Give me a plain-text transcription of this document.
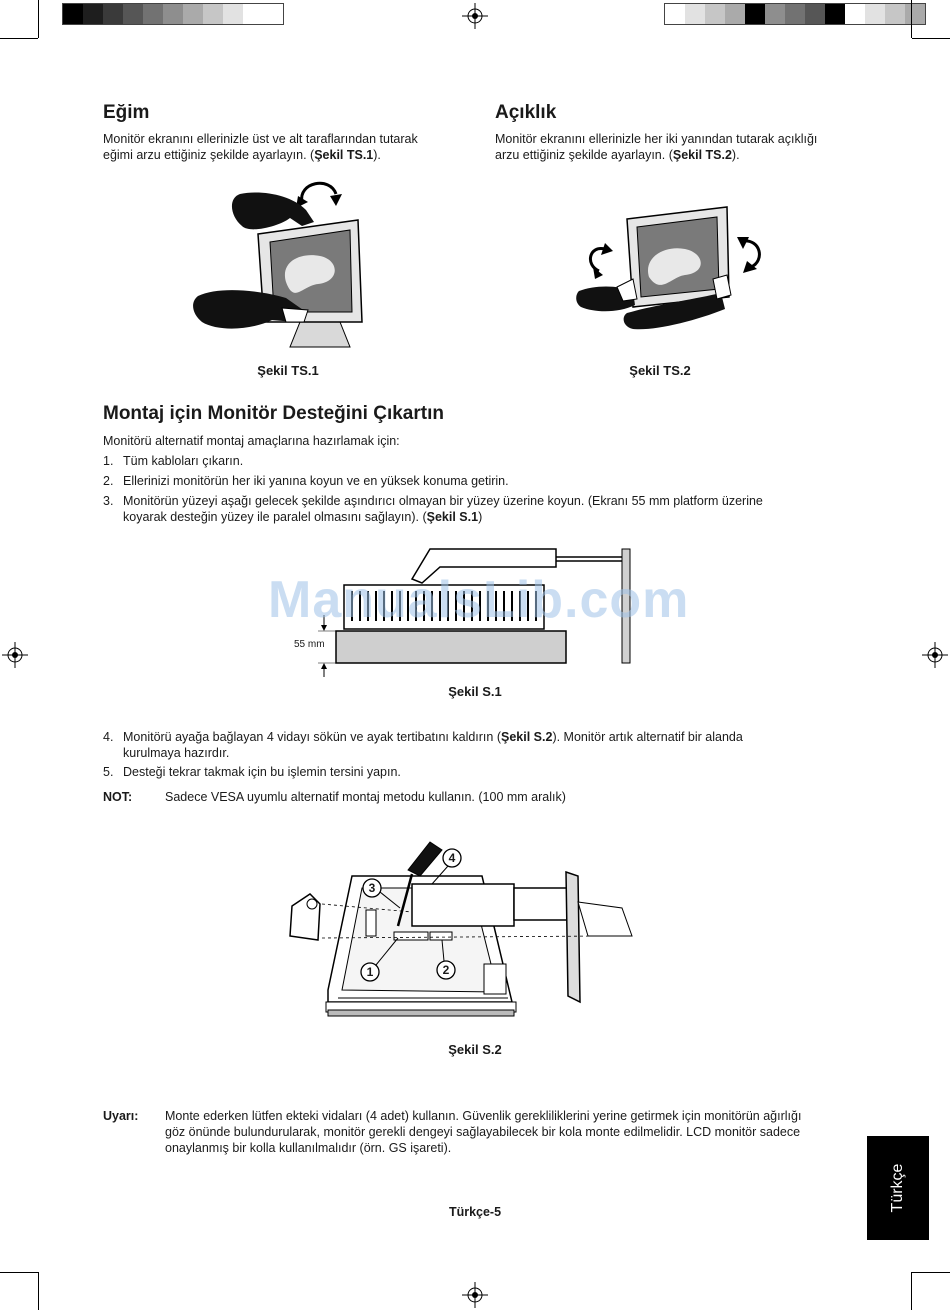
Eğim
Monitör ekranını ellerinizle üst ve alt taraflarından tutarak
eğimi arzu ettiğiniz şekilde ayarlayın. (Şekil TS.1).
Açıklık
Monitör ekranını ellerinizle her iki yanından tutarak açıklığı
arzu ettiğiniz şekilde ayarlayın. (Şekil TS.2).
Şekil TS.1	Şekil TS.2
Montaj için Monitör Desteğini Çıkartın
Monitörü alternatif montaj amaçlarına hazırlamak için:
1. Tüm kabloları çıkarın.
2. Ellerinizi monitörün her iki yanına koyun ve en yüksek konuma getirin.
3. Monitörün yüzeyi aşağı gelecek şekilde aşındırıcı olmayan bir yüzey üzerine koyun. (Ekranı 55 mm platform üzerine
koyarak desteğin yüzey ile paralel olmasını sağlayın). (Şekil S.1)
55 mm
ManualsLib.com
Şekil S.1
4. Monitörü ayağa bağlayan 4 vidayı sökün ve ayak tertibatını kaldırın (Şekil S.2). Monitör artık alternatif bir alanda
kurulmaya hazırdır.
5. Desteği tekrar takmak için bu işlemin tersini yapın.
NOT:	Sadece VESA uyumlu alternatif montaj metodu kullanın. (100 mm aralık)
1	2
3
4
Şekil S.2
Uyarı: Monte ederken lütfen ekteki vidaları (4 adet) kullanın. Güvenlik gerekliliklerini yerine getirmek için monitörün ağırlığı
göz önünde bulundurularak, monitör gerekli dengeyi sağlayabilecek bir kola monte edilmelidir. LCD monitör sadece
onaylanmış bir kolla kullanılmalıdır (örn. GS işareti).
Türkçe-5	Türkçe
